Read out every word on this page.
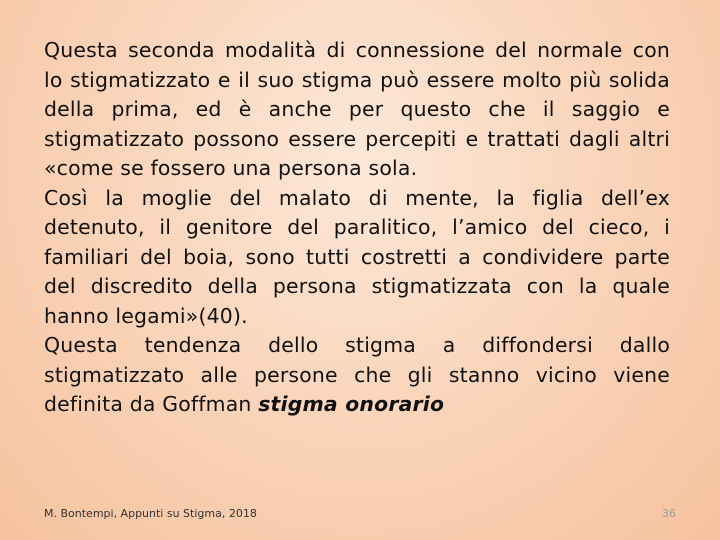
Questa seconda modalità di connessione del normale con lo stigmatizzato e il suo stigma può essere molto più solida della prima, ed è anche per questo che il saggio e stigmatizzato possono essere percepiti e trattati dagli altri «come se fossero una persona sola.

Così la moglie del malato di mente, la figlia dell’ex detenuto, il genitore del paralitico, l’amico del cieco, i familiari del boia, sono tutti costretti a condividere parte del discredito della persona stigmatizzata con la quale hanno legami»(40).

Questa tendenza dello stigma a diffondersi dallo stigmatizzato alle persone che gli stanno vicino viene definita da Goffman stigma onorario

M. Bontempi, Appunti su Stigma, 2018	36
